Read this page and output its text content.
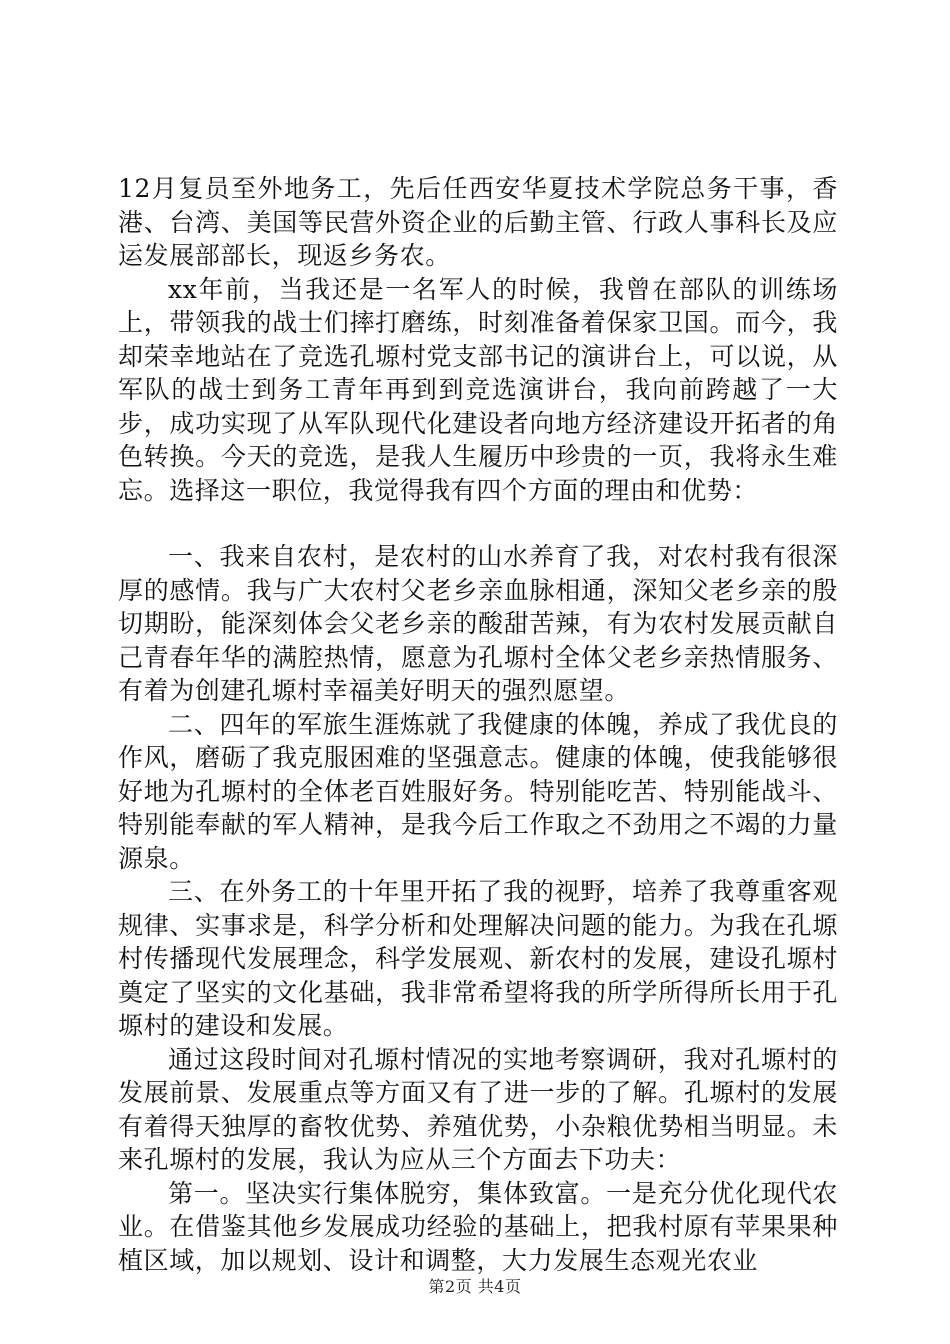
12月复员至外地务工，先后任西安华夏技术学院总务干事，香港、台湾、美国等民营外资企业的后勤主管、行政人事科长及应运发展部部长，现返乡务农。

xx年前，当我还是一名军人的时候，我曾在部队的训练场上，带领我的战士们摔打磨练，时刻准备着保家卫国。而今，我却荣幸地站在了竞选孔塬村党支部书记的演讲台上，可以说，从军队的战士到务工青年再到到竞选演讲台，我向前跨越了一大步，成功实现了从军队现代化建设者向地方经济建设开拓者的角色转换。今天的竞选，是我人生履历中珍贵的一页，我将永生难忘。选择这一职位，我觉得我有四个方面的理由和优势：

一、我来自农村，是农村的山水养育了我，对农村我有很深厚的感情。我与广大农村父老乡亲血脉相通，深知父老乡亲的殷切期盼，能深刻体会父老乡亲的酸甜苦辣，有为农村发展贡献自己青春年华的满腔热情，愿意为孔塬村全体父老乡亲热情服务、有着为创建孔塬村幸福美好明天的强烈愿望。

二、四年的军旅生涯炼就了我健康的体魄，养成了我优良的作风，磨砺了我克服困难的坚强意志。健康的体魄，使我能够很好地为孔塬村的全体老百姓服好务。特别能吃苦、特别能战斗、特别能奉献的军人精神，是我今后工作取之不劲用之不竭的力量源泉。

三、在外务工的十年里开拓了我的视野，培养了我尊重客观规律、实事求是，科学分析和处理解决问题的能力。为我在孔塬村传播现代发展理念，科学发展观、新农村的发展，建设孔塬村奠定了坚实的文化基础，我非常希望将我的所学所得所长用于孔塬村的建设和发展。

通过这段时间对孔塬村情况的实地考察调研，我对孔塬村的发展前景、发展重点等方面又有了进一步的了解。孔塬村的发展有着得天独厚的畜牧优势、养殖优势，小杂粮优势相当明显。未来孔塬村的发展，我认为应从三个方面去下功夫：

第一。坚决实行集体脱穷，集体致富。一是充分优化现代农业。在借鉴其他乡发展成功经验的基础上，把我村原有苹果果种植区域，加以规划、设计和调整，大力发展生态观光农业

第2页 共4页
